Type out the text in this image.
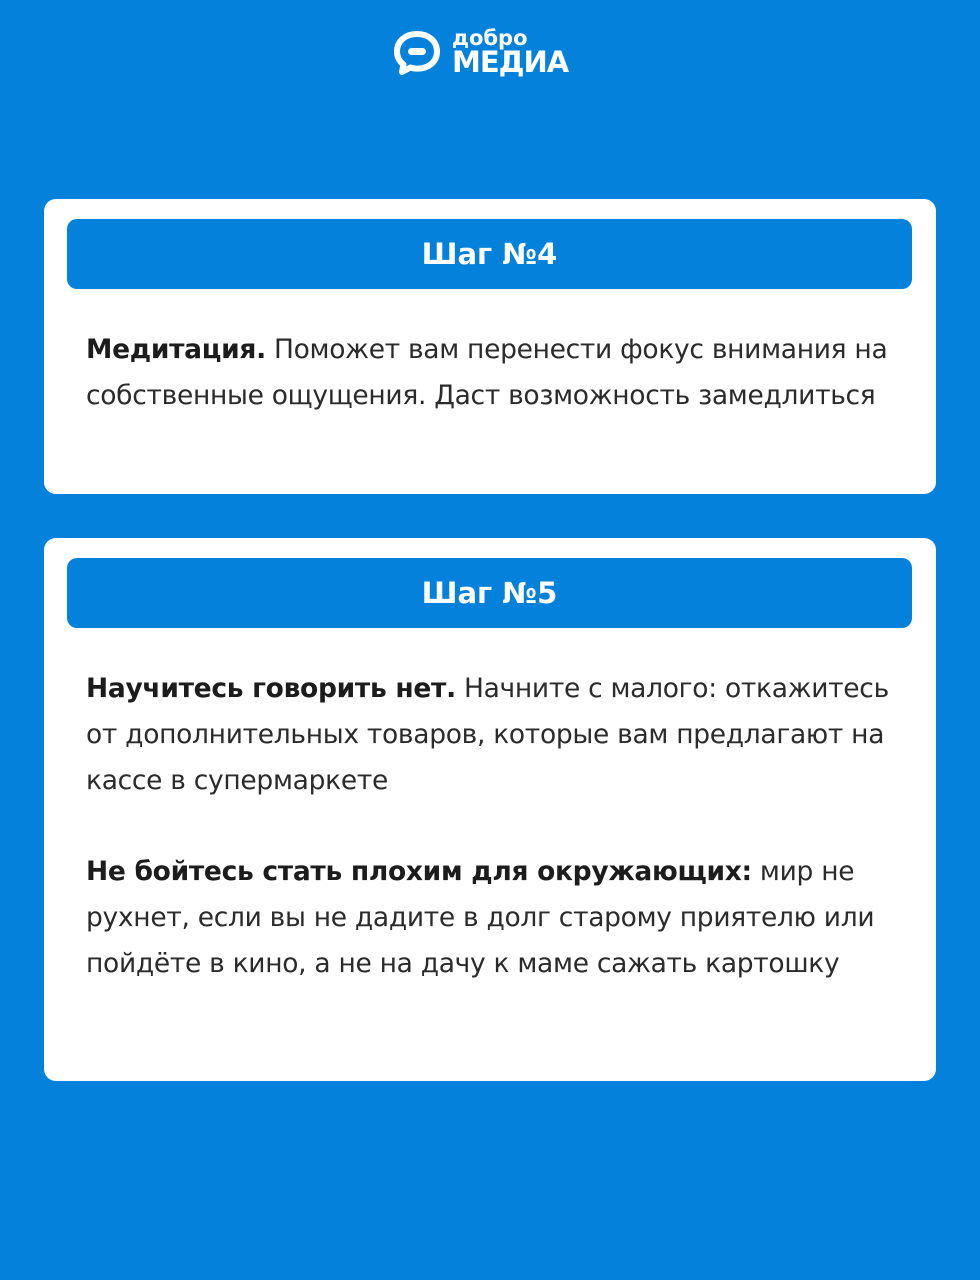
добро
МЕДИА
Шаг №4

Медитация. Поможет вам перенести фокус внимания на собственные ощущения. Даст возможность замедлиться

Шаг №5

Научитесь говорить нет. Начните с малого: откажитесь от дополнительных товаров, которые вам предлагают на кассе в супермаркете

Не бойтесь стать плохим для окружающих: мир не рухнет, если вы не дадите в долг старому приятелю или пойдёте в кино, а не на дачу к маме сажать картошку
